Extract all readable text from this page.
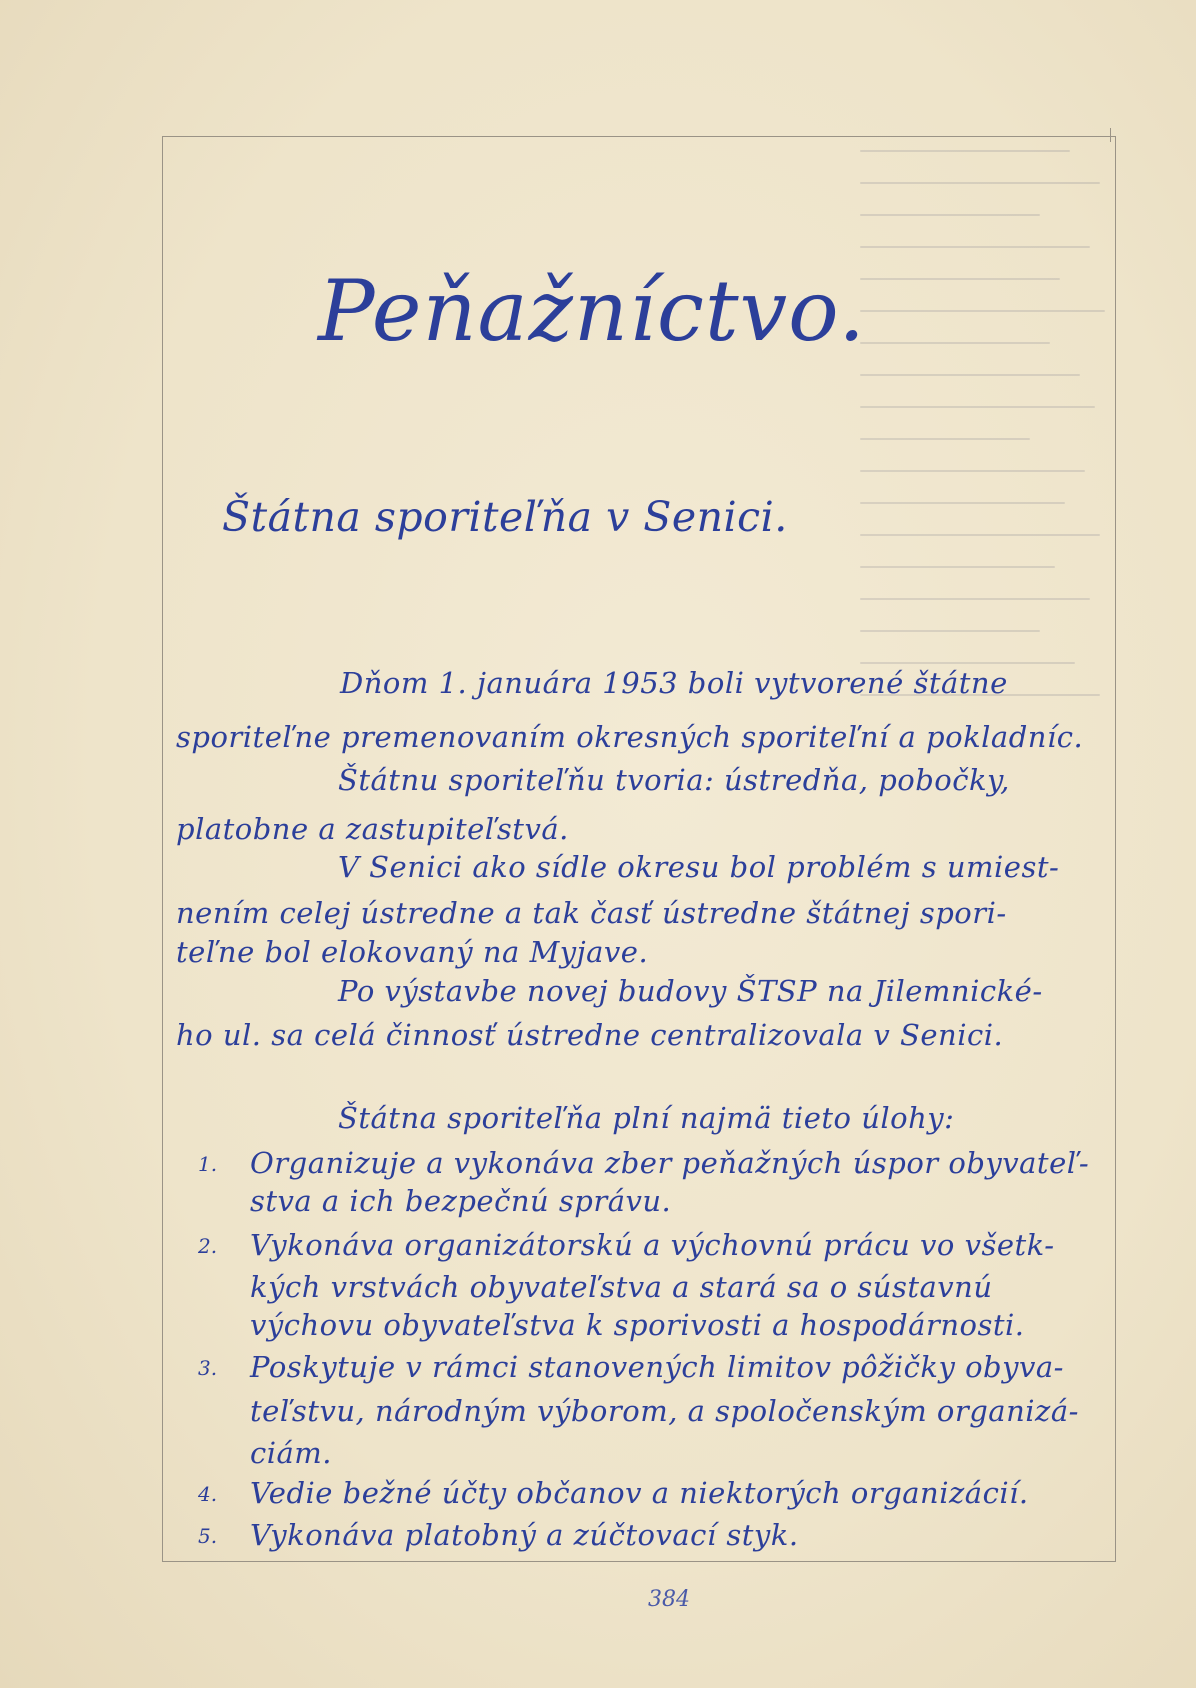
Peňažníctvo.
Štátna sporiteľňa v Senici.
Dňom 1. januára 1953 boli vytvorené štátne
sporiteľne premenovaním okresných sporiteľní a pokladníc.
Štátnu sporiteľňu tvoria: ústredňa, pobočky,
platobne a zastupiteľstvá.
V Senici ako sídle okresu bol problém s umiest-
nením celej ústredne a tak časť ústredne štátnej spori-
teľne bol elokovaný na Myjave.
Po výstavbe novej budovy ŠTSP na Jilemnické-
ho ul. sa celá činnosť ústredne centralizovala v Senici.
Štátna sporiteľňa plní najmä tieto úlohy:
1. Organizuje a vykonáva zber peňažných úspor obyvateľ-
stva a ich bezpečnú správu.
2. Vykonáva organizátorskú a výchovnú prácu vo všetk-
kých vrstvách obyvateľstva a stará sa o sústavnú
výchovu obyvateľstva k sporivosti a hospodárnosti.
3. Poskytuje v rámci stanovených limitov pôžičky obyva-
teľstvu, národným výborom, a spoločenským organizá-
ciám.
4. Vedie bežné účty občanov a niektorých organizácií.
5. Vykonáva platobný a zúčtovací styk.
384
